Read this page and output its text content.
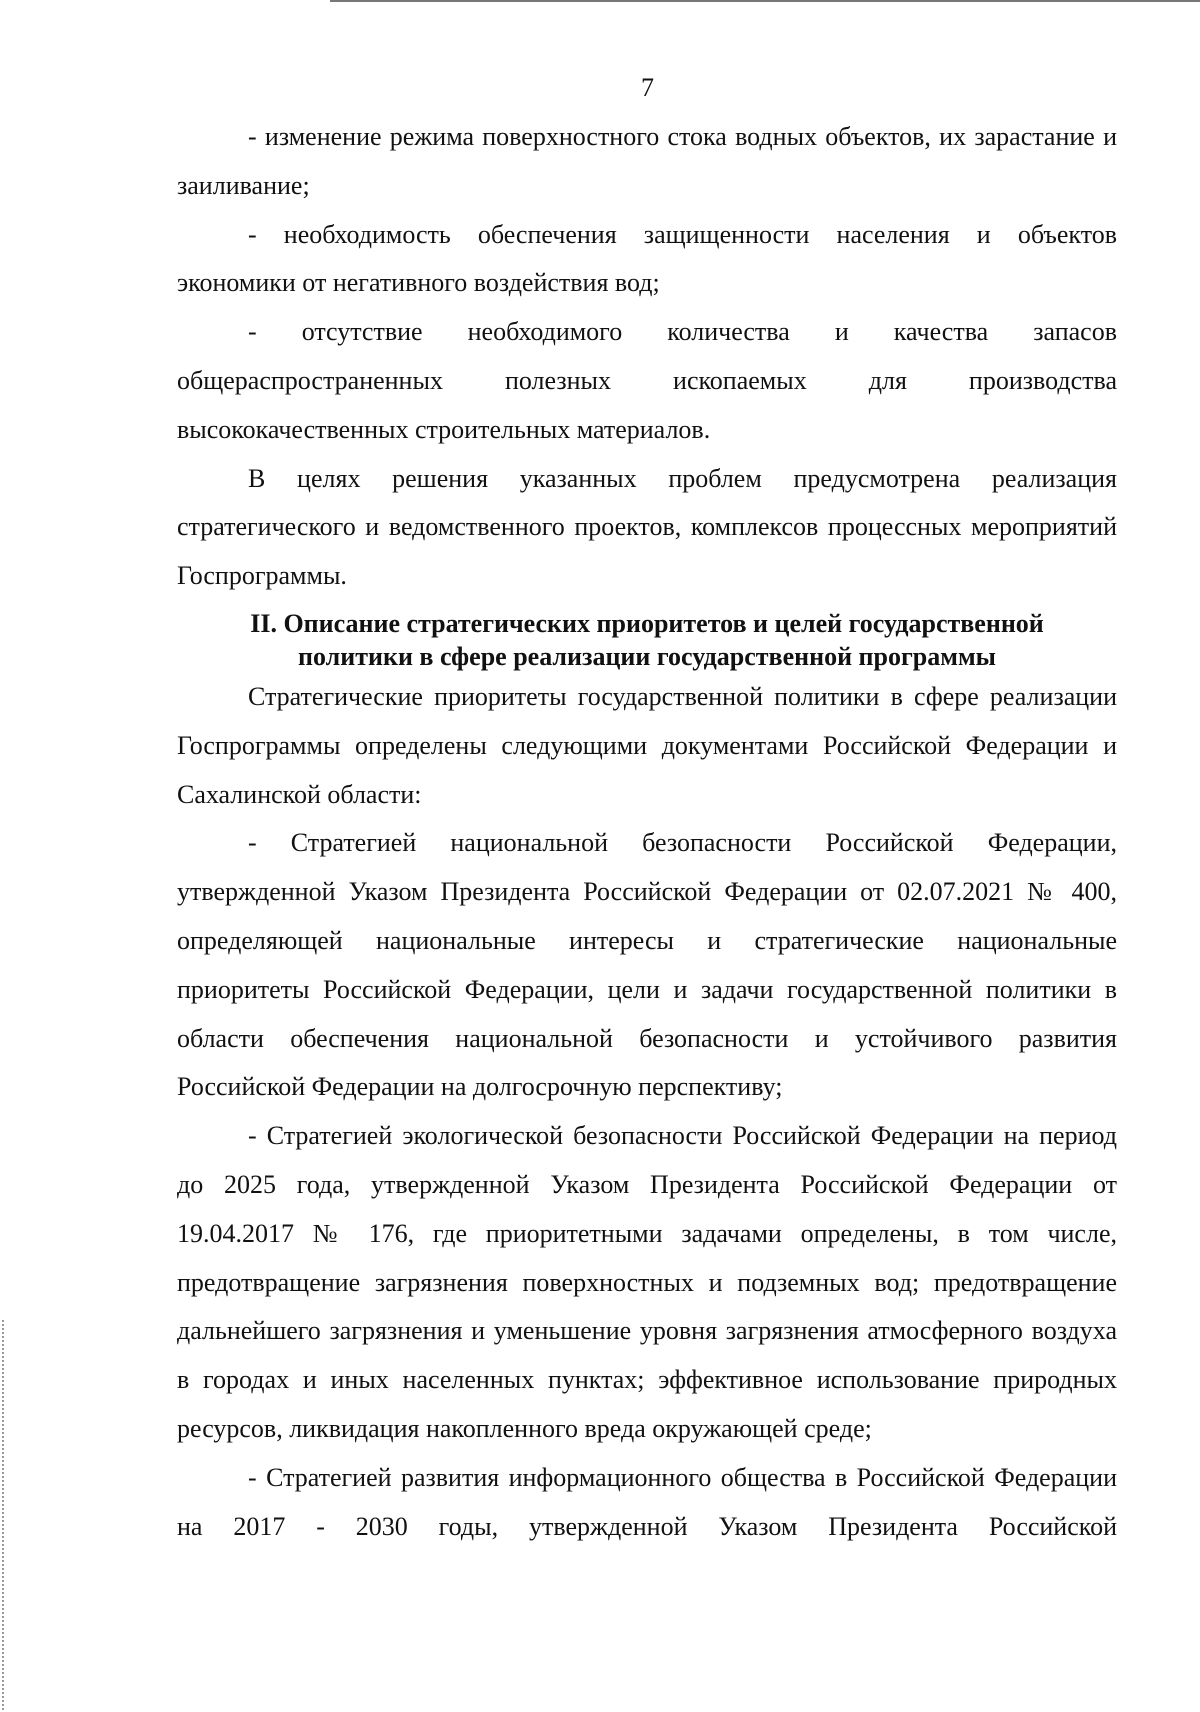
7

- изменение режима поверхностного стока водных объектов, их зарастание и заиливание;

- необходимость обеспечения защищенности населения и объектов экономики от негативного воздействия вод;

- отсутствие необходимого количества и качества запасов общераспространенных полезных ископаемых для производства высококачественных строительных материалов.

В целях решения указанных проблем предусмотрена реализация стратегического и ведомственного проектов, комплексов процессных мероприятий Госпрограммы.

II. Описание стратегических приоритетов и целей государственной
политики в сфере реализации государственной программы

Стратегические приоритеты государственной политики в сфере реализации Госпрограммы определены следующими документами Российской Федерации и Сахалинской области:

- Стратегией национальной безопасности Российской Федерации, утвержденной Указом Президента Российской Федерации от 02.07.2021 № 400, определяющей национальные интересы и стратегические национальные приоритеты Российской Федерации, цели и задачи государственной политики в области обеспечения национальной безопасности и устойчивого развития Российской Федерации на долгосрочную перспективу;

- Стратегией экологической безопасности Российской Федерации на период до 2025 года, утвержденной Указом Президента Российской Федерации от 19.04.2017 № 176, где приоритетными задачами определены, в том числе, предотвращение загрязнения поверхностных и подземных вод; предотвращение дальнейшего загрязнения и уменьшение уровня загрязнения атмосферного воздуха в городах и иных населенных пунктах; эффективное использование природных ресурсов, ликвидация накопленного вреда окружающей среде;

- Стратегией развития информационного общества в Российской Федерации на 2017 - 2030 годы, утвержденной Указом Президента Российской
